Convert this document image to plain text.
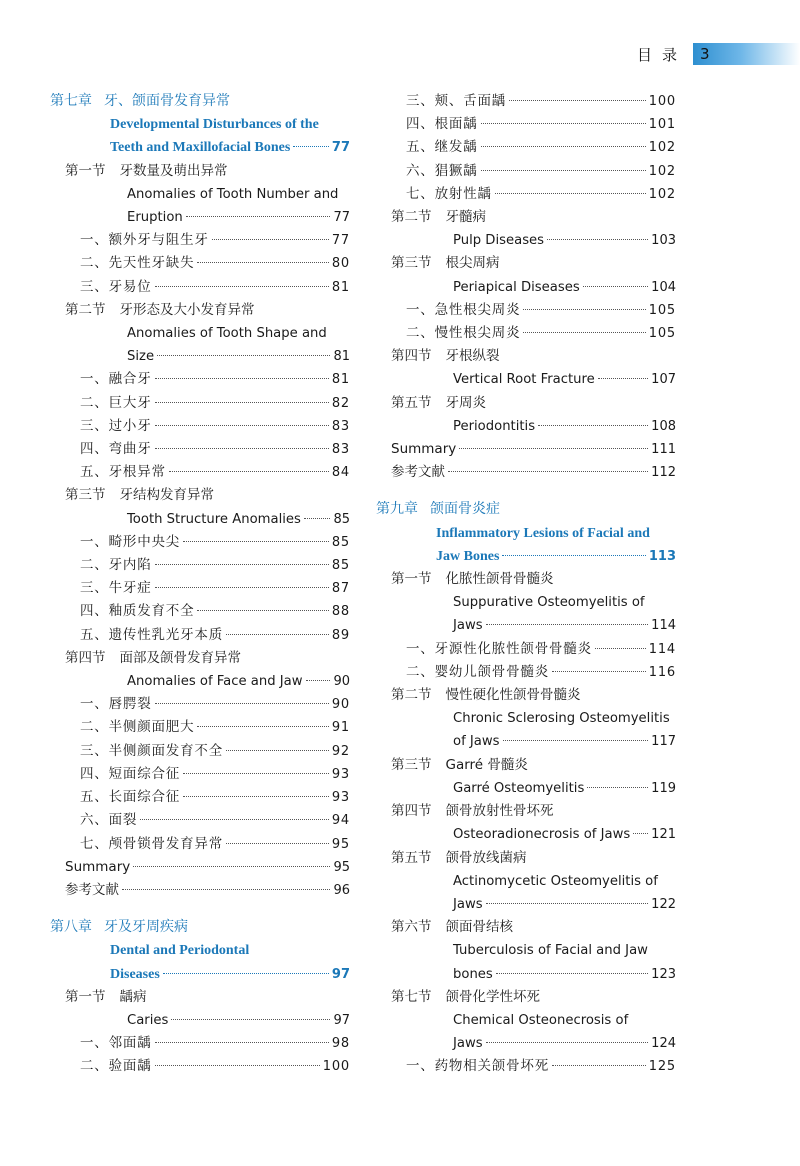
目录 3
第七章 牙、颌面骨发育异常
Developmental Disturbances of the
Teeth and Maxillofacial Bones	77
第一节 牙数量及萌出异常
Anomalies of Tooth Number and
Eruption	77
一、额外牙与阻生牙	77
二、先天性牙缺失	80
三、牙易位	81
第二节 牙形态及大小发育异常
Anomalies of Tooth Shape and
Size	81
一、融合牙	81
二、巨大牙	82
三、过小牙	83
四、弯曲牙	83
五、牙根异常	84
第三节 牙结构发育异常
Tooth Structure Anomalies	85
一、畸形中央尖	85
二、牙内陷	85
三、牛牙症	87
四、釉质发育不全	88
五、遗传性乳光牙本质	89
第四节 面部及颌骨发育异常
Anomalies of Face and Jaw 90
一、唇腭裂	90
二、半侧颜面肥大	91
三、半侧颜面发育不全	92
四、短面综合征	93
五、长面综合征	93
六、面裂	94
七、颅骨锁骨发育异常	95
Summary	95
参考文献	96
第八章 牙及牙周疾病
Dental and Periodontal
Diseases	97
第一节 龋病
Caries	97
一、邻面龋	98
二、验面龋	100
三、颊、舌面龋	100
四、根面龋	101
五、继发龋	102
六、猖獗龋	102
七、放射性龋	102
第二节 牙髓病
Pulp Diseases	103
第三节 根尖周病
Periapical Diseases	104
一、急性根尖周炎	105
二、慢性根尖周炎	105
第四节 牙根纵裂
Vertical Root Fracture	107
第五节 牙周炎
Periodontitis	108
Summary	111
参考文献	112
第九章 颌面骨炎症
Inflammatory Lesions of Facial and
Jaw Bones	113
第一节 化脓性颌骨骨髓炎
Suppurative Osteomyelitis of
Jaws	114
一、牙源性化脓性颌骨骨髓炎	114
二、婴幼儿颌骨骨髓炎	116
第二节 慢性硬化性颌骨骨髓炎
Chronic Sclerosing Osteomyelitis
of Jaws	117
第三节 Garré 骨髓炎
Garré Osteomyelitis	119
第四节 颌骨放射性骨坏死
Osteoradionecrosis of Jaws 121
第五节 颌骨放线菌病
Actinomycetic Osteomyelitis of
Jaws	122
第六节 颌面骨结核
Tuberculosis of Facial and Jaw
bones	123
第七节 颌骨化学性坏死
Chemical Osteonecrosis of
Jaws	124
一、药物相关颌骨坏死	125
